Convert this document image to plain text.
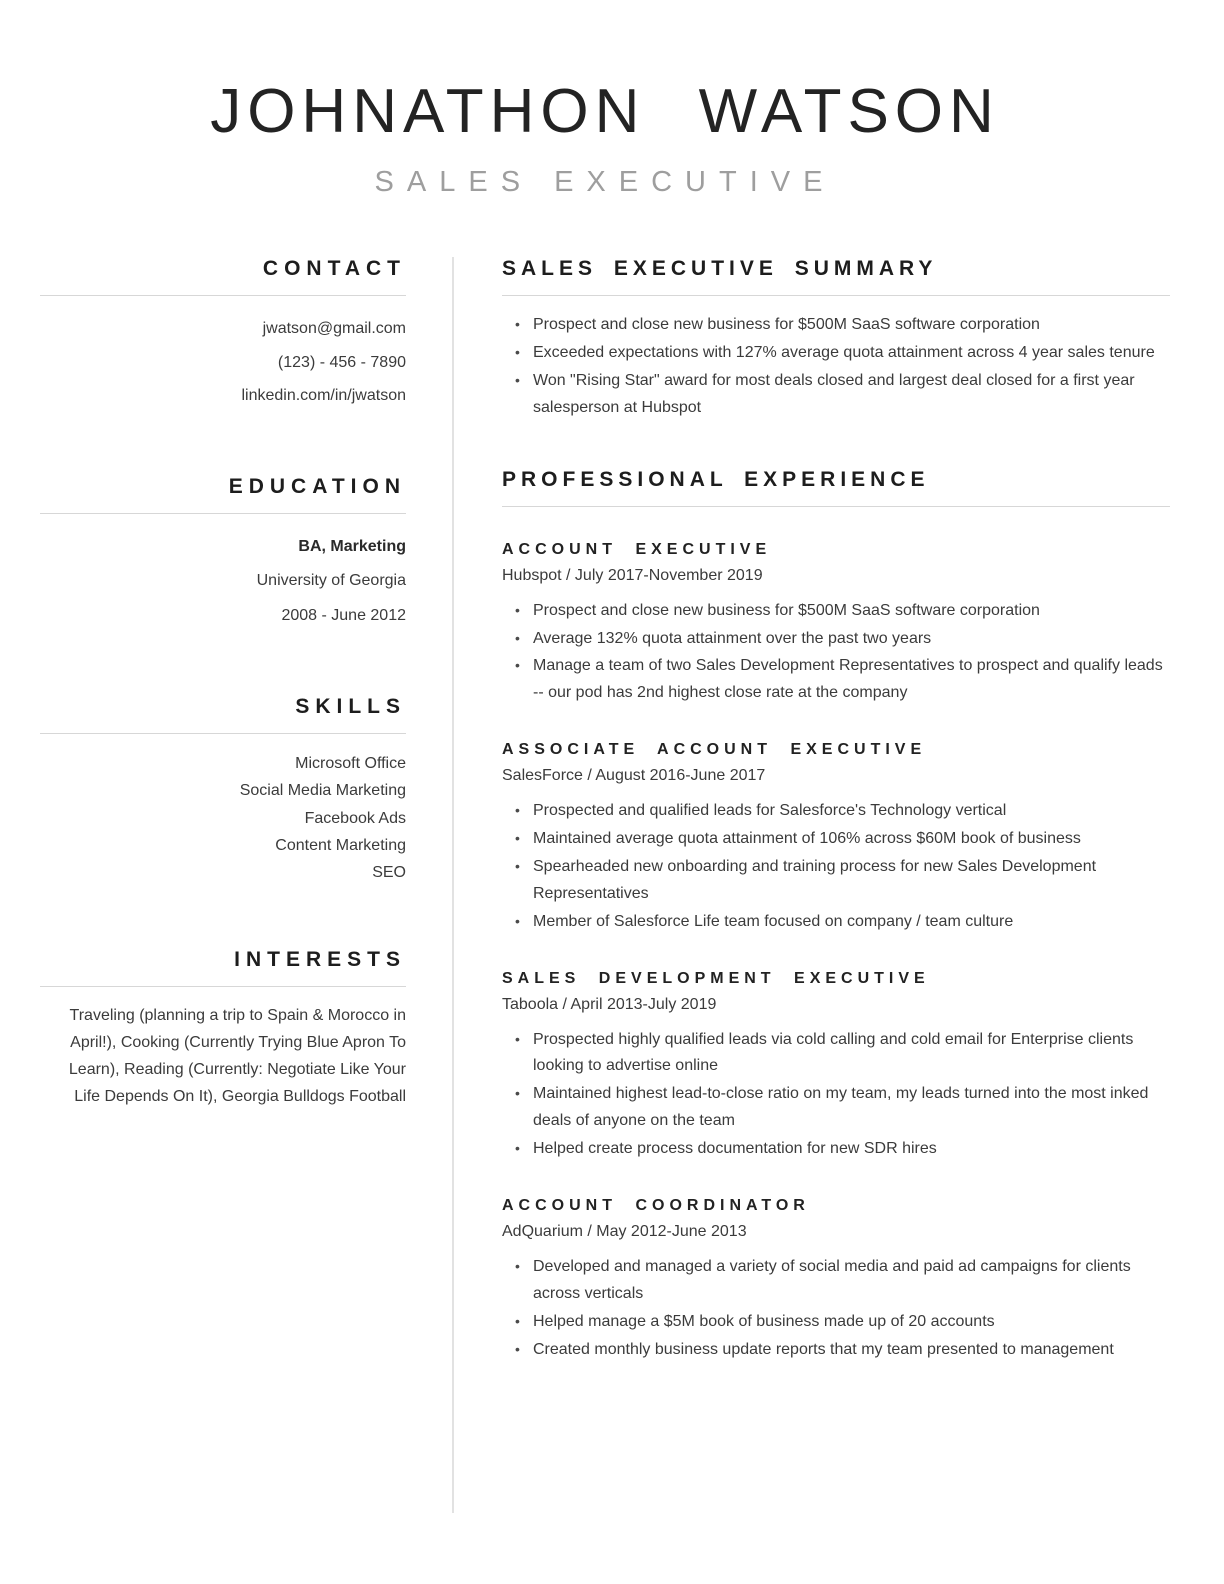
JOHNATHON WATSON
SALES EXECUTIVE
CONTACT
jwatson@gmail.com
(123) - 456 - 7890
linkedin.com/in/jwatson
EDUCATION
BA, Marketing
University of Georgia
2008 - June 2012
SKILLS
Microsoft Office
Social Media Marketing
Facebook Ads
Content Marketing
SEO
INTERESTS
Traveling (planning a trip to Spain & Morocco in April!), Cooking (Currently Trying Blue Apron To Learn), Reading (Currently: Negotiate Like Your Life Depends On It), Georgia Bulldogs Football
SALES EXECUTIVE SUMMARY
• Prospect and close new business for $500M SaaS software corporation
• Exceeded expectations with 127% average quota attainment across 4 year sales tenure
• Won "Rising Star" award for most deals closed and largest deal closed for a first year salesperson at Hubspot
PROFESSIONAL EXPERIENCE
ACCOUNT EXECUTIVE
Hubspot / July 2017-November 2019
• Prospect and close new business for $500M SaaS software corporation
• Average 132% quota attainment over the past two years
• Manage a team of two Sales Development Representatives to prospect and qualify leads -- our pod has 2nd highest close rate at the company
ASSOCIATE ACCOUNT EXECUTIVE
SalesForce / August 2016-June 2017
• Prospected and qualified leads for Salesforce's Technology vertical
• Maintained average quota attainment of 106% across $60M book of business
• Spearheaded new onboarding and training process for new Sales Development Representatives
• Member of Salesforce Life team focused on company / team culture
SALES DEVELOPMENT EXECUTIVE
Taboola / April 2013-July 2019
• Prospected highly qualified leads via cold calling and cold email for Enterprise clients looking to advertise online
• Maintained highest lead-to-close ratio on my team, my leads turned into the most inked deals of anyone on the team
• Helped create process documentation for new SDR hires
ACCOUNT COORDINATOR
AdQuarium / May 2012-June 2013
• Developed and managed a variety of social media and paid ad campaigns for clients across verticals
• Helped manage a $5M book of business made up of 20 accounts
• Created monthly business update reports that my team presented to management
